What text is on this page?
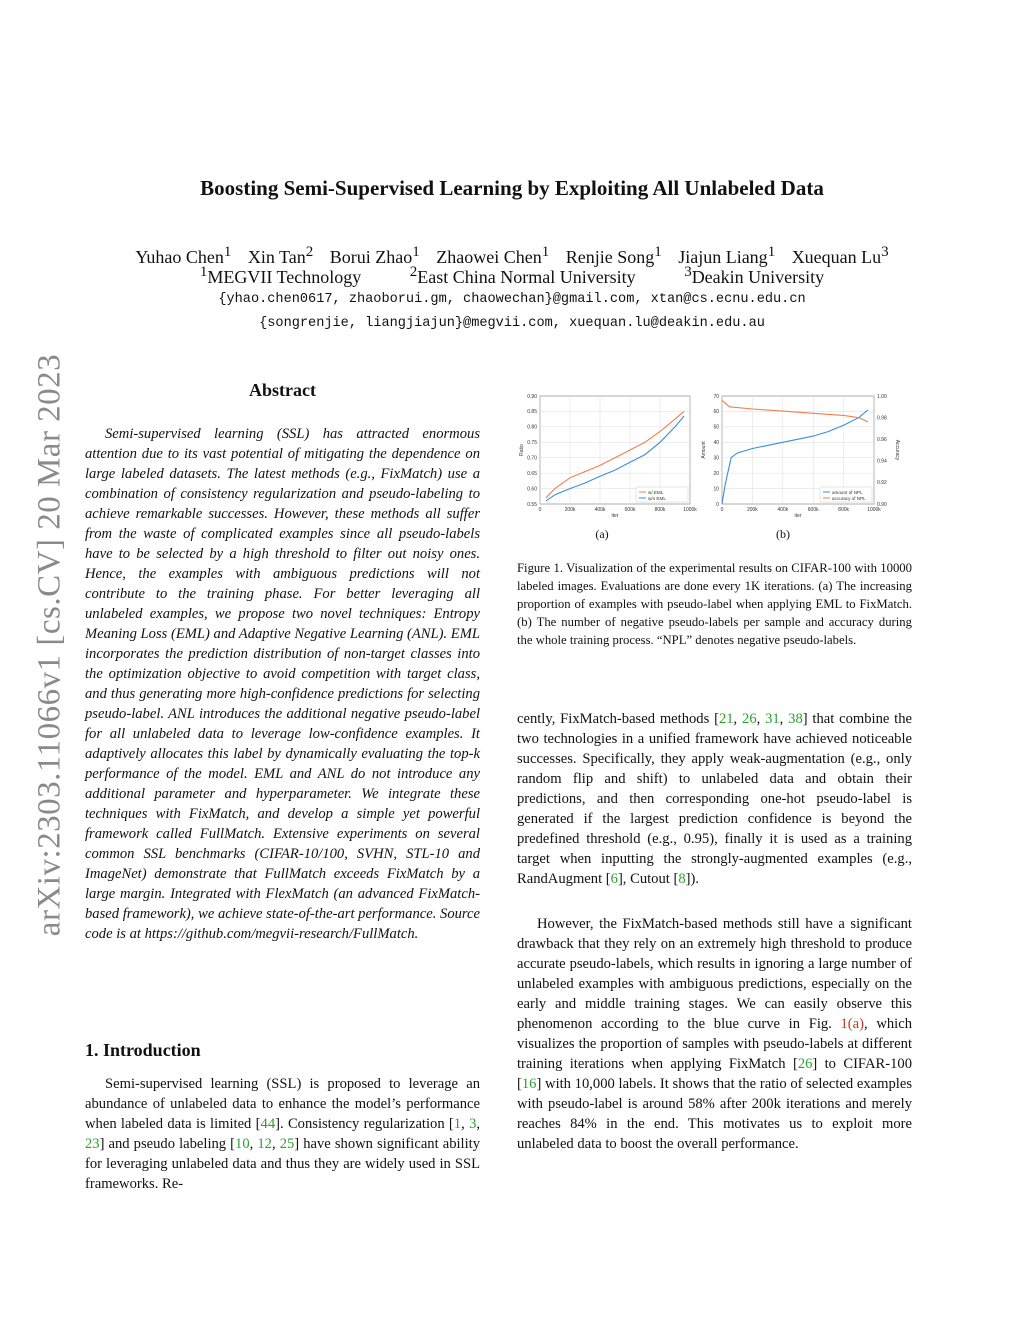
arXiv:2303.11066v1 [cs.CV] 20 Mar 2023
Boosting Semi-Supervised Learning by Exploiting All Unlabeled Data
Yuhao Chen$^1$ Xin Tan$^2$ Borui Zhao$^1$ Zhaowei Chen$^1$ Renjie Song$^1$ Jiajun Liang$^1$ Xuequan Lu$^3$
$^1$MEGVII Technology	$^2$East China Normal University	$^3$Deakin University
{yhao.chen0617, zhaoborui.gm, chaowechan}@gmail.com, xtan@cs.ecnu.edu.cn
{songrenjie, liangjiajun}@megvii.com, xuequan.lu@deakin.edu.au
Abstract

Semi-supervised learning (SSL) has attracted enormous attention due to its vast potential of mitigating the dependence on large labeled datasets. The latest methods (e.g., FixMatch) use a combination of consistency regularization and pseudo-labeling to achieve remarkable successes. However, these methods all suffer from the waste of complicated examples since all pseudo-labels have to be selected by a high threshold to filter out noisy ones. Hence, the examples with ambiguous predictions will not contribute to the training phase. For better leveraging all unlabeled examples, we propose two novel techniques: Entropy Meaning Loss (EML) and Adaptive Negative Learning (ANL). EML incorporates the prediction distribution of non-target classes into the optimization objective to avoid competition with target class, and thus generating more high-confidence predictions for selecting pseudo-label. ANL introduces the additional negative pseudo-label for all unlabeled data to leverage low-confidence examples. It adaptively allocates this label by dynamically evaluating the top-k performance of the model. EML and ANL do not introduce any additional parameter and hyperparameter. We integrate these techniques with FixMatch, and develop a simple yet powerful framework called FullMatch. Extensive experiments on several common SSL benchmarks (CIFAR-10/100, SVHN, STL-10 and ImageNet) demonstrate that FullMatch exceeds FixMatch by a large margin. Integrated with FlexMatch (an advanced FixMatch-based framework), we achieve state-of-the-art performance. Source code is at https://github.com/megvii-research/FullMatch.

1. Introduction

Semi-supervised learning (SSL) is proposed to leverage an abundance of unlabeled data to enhance the model’s performance when labeled data is limited [44]. Consistency regularization [1, 3, 23] and pseudo labeling [10, 12, 25] have shown significant ability for leveraging unlabeled data and thus they are widely used in SSL frameworks. Re-

0	200k	400k	600k	800k	1000k
0.55
0.60
0.65
0.70
0.75
0.80
0.85
0.90
iter
Ratio
w/ EML
w/o EML
0	200k	400k	600k	800k	1000k
0
10
20
30
40
50
60
70
0.90
0.92
0.94
0.96
0.98
1.00
Accuracy
iter
Amount
amount of NPL
accuracy of NPL
(a)	(b)

Figure 1. Visualization of the experimental results on CIFAR-100 with 10000 labeled images. Evaluations are done every 1K iterations. (a) The increasing proportion of examples with pseudo-label when applying EML to FixMatch. (b) The number of negative pseudo-labels per sample and accuracy during the whole training process. “NPL” denotes negative pseudo-labels.

cently, FixMatch-based methods [21, 26, 31, 38] that combine the two technologies in a unified framework have achieved noticeable successes. Specifically, they apply weak-augmentation (e.g., only random flip and shift) to unlabeled data and obtain their predictions, and then corresponding one-hot pseudo-label is generated if the largest prediction confidence is beyond the predefined threshold (e.g., 0.95), finally it is used as a training target when inputting the strongly-augmented examples (e.g., RandAugment [6], Cutout [8]).

However, the FixMatch-based methods still have a significant drawback that they rely on an extremely high threshold to produce accurate pseudo-labels, which results in ignoring a large number of unlabeled examples with ambiguous predictions, especially on the early and middle training stages. We can easily observe this phenomenon according to the blue curve in Fig. 1(a), which visualizes the proportion of samples with pseudo-labels at different training iterations when applying FixMatch [26] to CIFAR-100 [16] with 10,000 labels. It shows that the ratio of selected examples with pseudo-label is around 58% after 200k iterations and merely reaches 84% in the end. This motivates us to exploit more unlabeled data to boost the overall performance.
